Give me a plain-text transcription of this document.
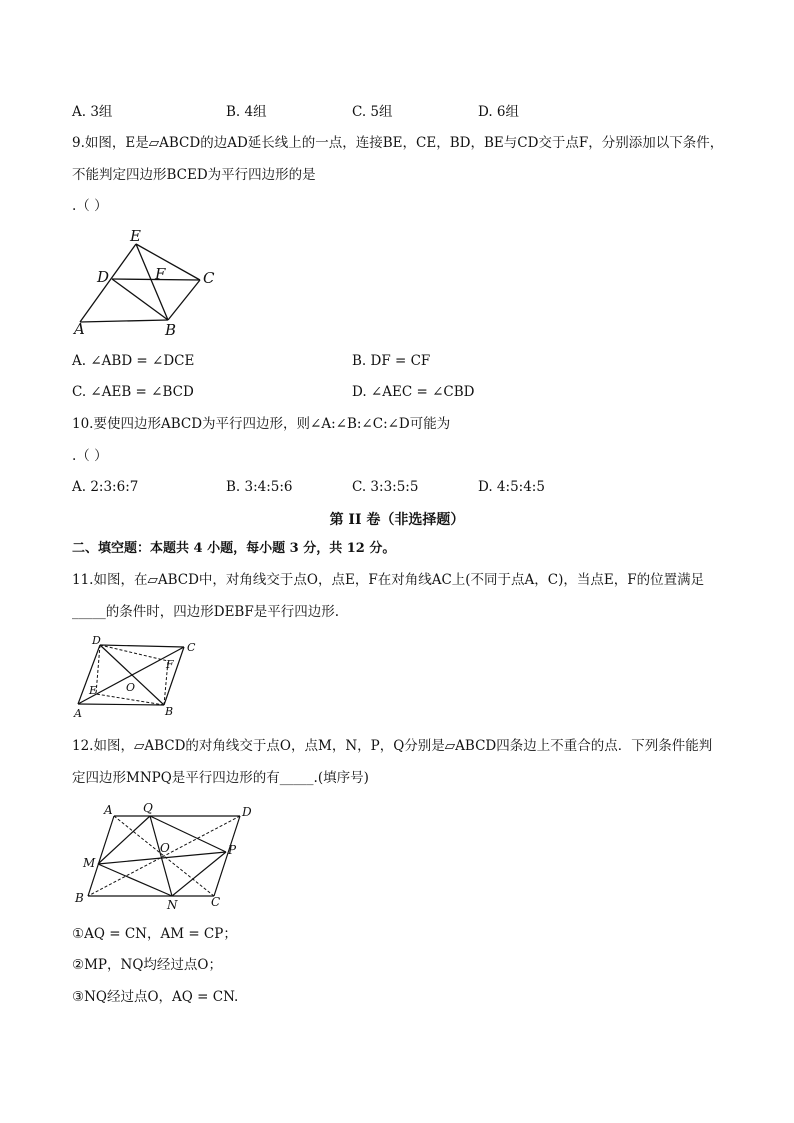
A. 3组	B. 4组	C. 5组	D. 6组
9.如图，E是▱ABCD的边AD延长线上的一点，连接BE，CE，BD，BE与CD交于点F，分别添加以下条件，
不能判定四边形BCED为平行四边形的是
.（ ）
E
D	F	C
A	B
A. ∠ABD = ∠DCE	B. DF = CF
C. ∠AEB = ∠BCD	D. ∠AEC = ∠CBD
10.要使四边形ABCD为平行四边形，则∠A:∠B:∠C:∠D可能为
.（ ）
A. 2:3:6:7	B. 3:4:5:6	C. 3:3:5:5	D. 4:5:4:5
第 II 卷（非选择题）
二、填空题：本题共 4 小题，每小题 3 分，共 12 分。
11.如图，在▱ABCD中，对角线交于点O，点E，F在对角线AC上(不同于点A，C)，当点E，F的位置满足
_____的条件时，四边形DEBF是平行四边形.
D
C
F
O
E
A	B
12.如图，▱ABCD的对角线交于点O，点M，N，P，Q分别是▱ABCD四条边上不重合的点．下列条件能判
定四边形MNPQ是平行四边形的有_____.(填序号)
A	Q	D
O	P
M
B	N	C
①AQ = CN，AM = CP；
②MP，NQ均经过点O；
③NQ经过点O，AQ = CN.
